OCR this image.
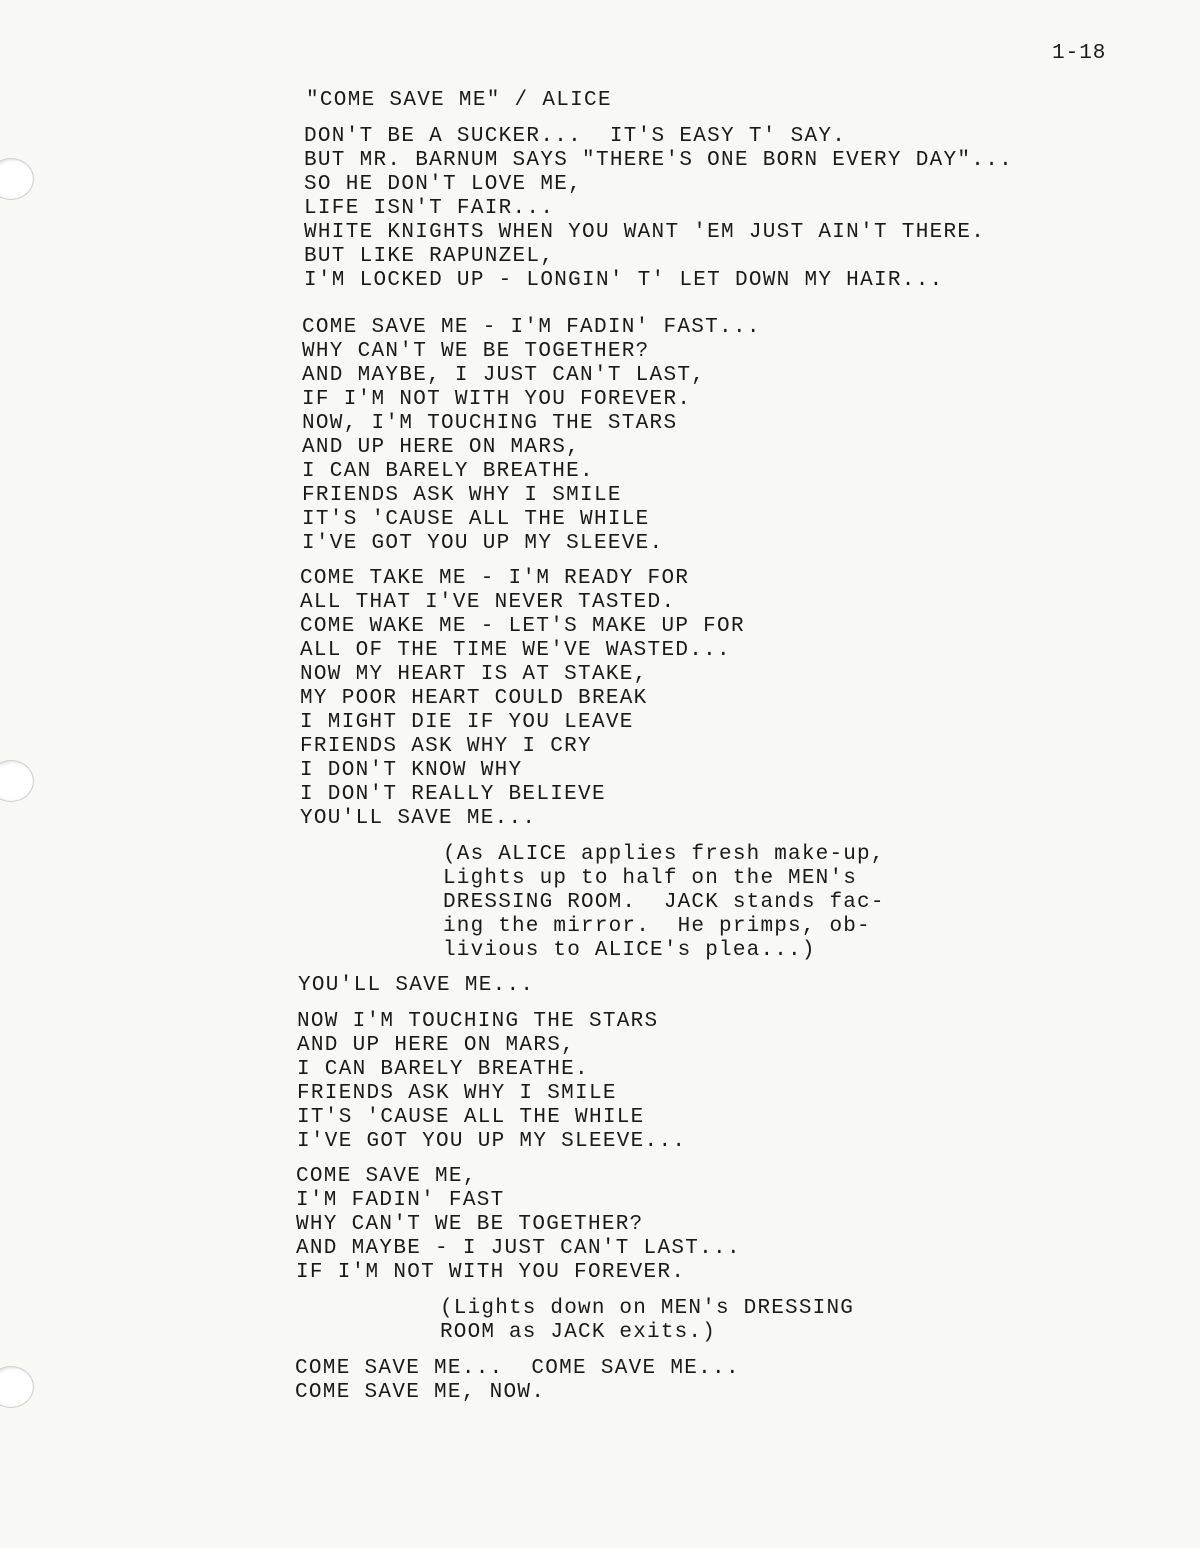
1-18
"COME SAVE ME" / ALICE
DON'T BE A SUCKER...  IT'S EASY T' SAY.
BUT MR. BARNUM SAYS "THERE'S ONE BORN EVERY DAY"...
SO HE DON'T LOVE ME,
LIFE ISN'T FAIR...
WHITE KNIGHTS WHEN YOU WANT 'EM JUST AIN'T THERE.
BUT LIKE RAPUNZEL,
I'M LOCKED UP - LONGIN' T' LET DOWN MY HAIR...
COME SAVE ME - I'M FADIN' FAST...
WHY CAN'T WE BE TOGETHER?
AND MAYBE, I JUST CAN'T LAST,
IF I'M NOT WITH YOU FOREVER.
NOW, I'M TOUCHING THE STARS
AND UP HERE ON MARS,
I CAN BARELY BREATHE.
FRIENDS ASK WHY I SMILE
IT'S 'CAUSE ALL THE WHILE
I'VE GOT YOU UP MY SLEEVE.
COME TAKE ME - I'M READY FOR
ALL THAT I'VE NEVER TASTED.
COME WAKE ME - LET'S MAKE UP FOR
ALL OF THE TIME WE'VE WASTED...
NOW MY HEART IS AT STAKE,
MY POOR HEART COULD BREAK
I MIGHT DIE IF YOU LEAVE
FRIENDS ASK WHY I CRY
I DON'T KNOW WHY
I DON'T REALLY BELIEVE
YOU'LL SAVE ME...
(As ALICE applies fresh make-up,
Lights up to half on the MEN's
DRESSING ROOM.  JACK stands fac-
ing the mirror.  He primps, ob-
livious to ALICE's plea...)
YOU'LL SAVE ME...
NOW I'M TOUCHING THE STARS
AND UP HERE ON MARS,
I CAN BARELY BREATHE.
FRIENDS ASK WHY I SMILE
IT'S 'CAUSE ALL THE WHILE
I'VE GOT YOU UP MY SLEEVE...
COME SAVE ME,
I'M FADIN' FAST
WHY CAN'T WE BE TOGETHER?
AND MAYBE - I JUST CAN'T LAST...
IF I'M NOT WITH YOU FOREVER.
(Lights down on MEN's DRESSING
ROOM as JACK exits.)
COME SAVE ME...  COME SAVE ME...
COME SAVE ME, NOW.
